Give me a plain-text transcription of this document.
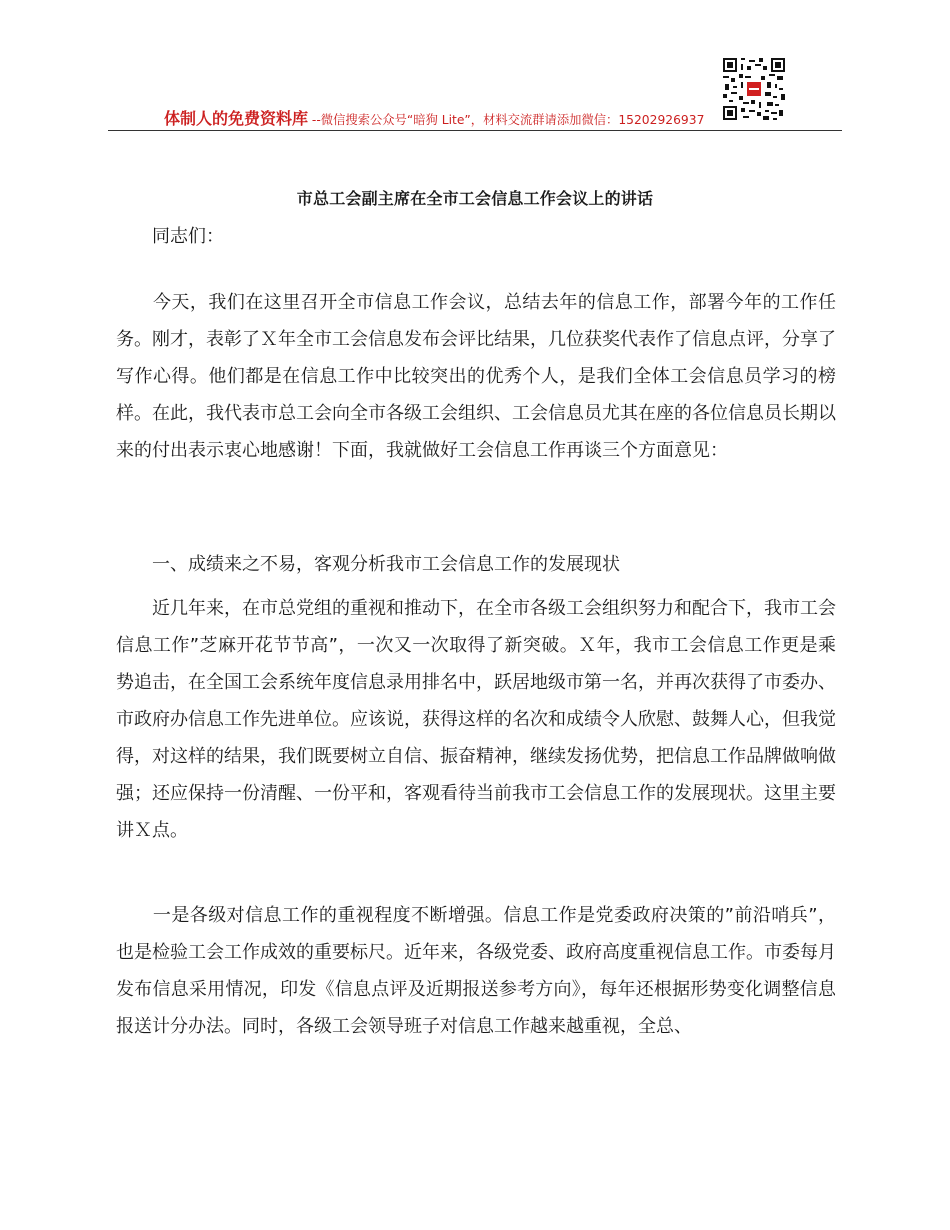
体制人的免费资料库 --微信搜索公众号“暗狗 Lite”，材料交流群请添加微信：15202926937
市总工会副主席在全市工会信息工作会议上的讲话

　　同志们：

　　今天，我们在这里召开全市信息工作会议，总结去年的信息工作，部署今年的工作任务。刚才，表彰了Ｘ年全市工会信息发布会评比结果，几位获奖代表作了信息点评，分享了写作心得。他们都是在信息工作中比较突出的优秀个人，是我们全体工会信息员学习的榜样。在此，我代表市总工会向全市各级工会组织、工会信息员尤其在座的各位信息员长期以来的付出表示衷心地感谢！下面，我就做好工会信息工作再谈三个方面意见：

　　一、成绩来之不易，客观分析我市工会信息工作的发展现状

　　近几年来，在市总党组的重视和推动下，在全市各级工会组织努力和配合下，我市工会信息工作”芝麻开花节节高”，一次又一次取得了新突破。Ｘ年，我市工会信息工作更是乘势追击，在全国工会系统年度信息录用排名中，跃居地级市第一名，并再次获得了市委办、市政府办信息工作先进单位。应该说，获得这样的名次和成绩令人欣慰、鼓舞人心，但我觉得，对这样的结果，我们既要树立自信、振奋精神，继续发扬优势，把信息工作品牌做响做强；还应保持一份清醒、一份平和，客观看待当前我市工会信息工作的发展现状。这里主要讲Ｘ点。

　　一是各级对信息工作的重视程度不断增强。信息工作是党委政府决策的”前沿哨兵”，也是检验工会工作成效的重要标尺。近年来，各级党委、政府高度重视信息工作。市委每月发布信息采用情况，印发《信息点评及近期报送参考方向》，每年还根据形势变化调整信息报送计分办法。同时，各级工会领导班子对信息工作越来越重视，全总、
